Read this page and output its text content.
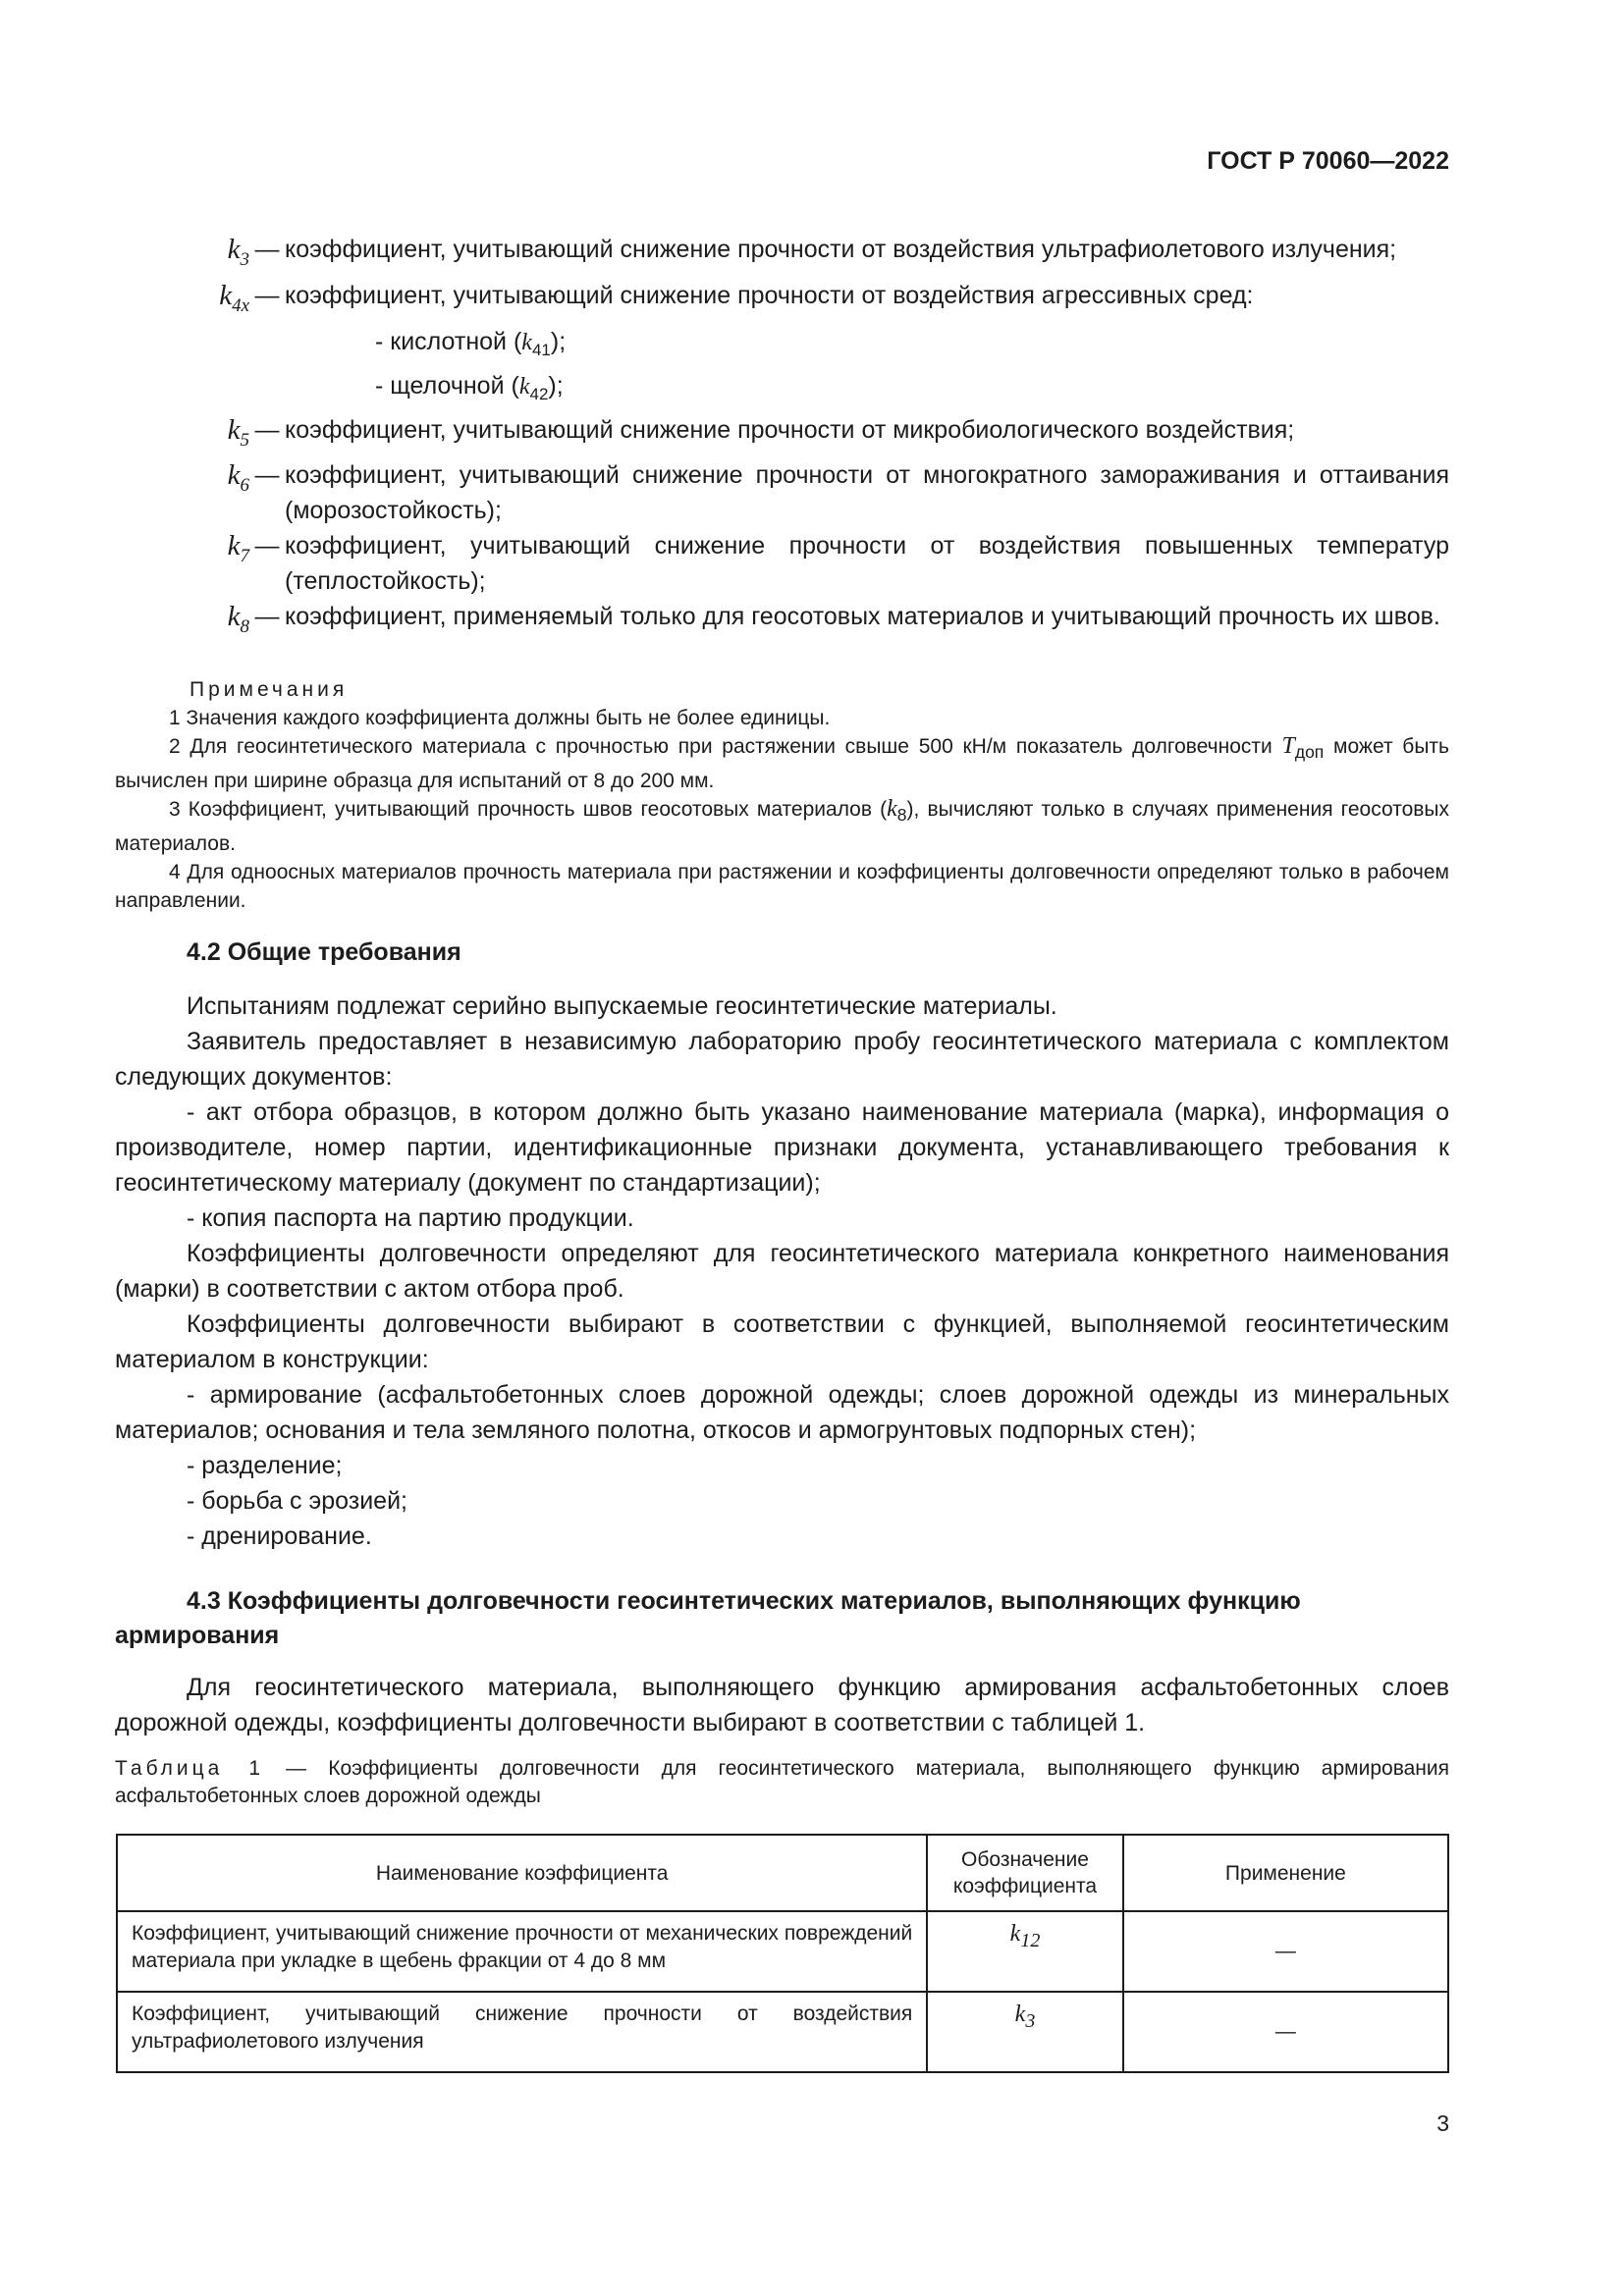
ГОСТ Р 70060—2022
$k_3$ — коэффициент, учитывающий снижение прочности от воздействия ультрафиолетового излучения;
$k_{4x}$ — коэффициент, учитывающий снижение прочности от воздействия агрессивных сред:
- кислотной $(k_{41})$;
- щелочной $(k_{42})$;
$k_5$ — коэффициент, учитывающий снижение прочности от микробиологического воздействия;
$k_6$ — коэффициент, учитывающий снижение прочности от многократного замораживания и оттаивания (морозостойкость);
$k_7$ — коэффициент, учитывающий снижение прочности от воздействия повышенных температур (теплостойкость);
$k_8$ — коэффициент, применяемый только для геосотовых материалов и учитывающий прочность их швов.
Примечания

1 Значения каждого коэффициента должны быть не более единицы.

2 Для геосинтетического материала с прочностью при растяжении свыше 500 кН/м показатель долговечности $T_{доп}$ может быть вычислен при ширине образца для испытаний от 8 до 200 мм.

3 Коэффициент, учитывающий прочность швов геосотовых материалов $(k_8)$, вычисляют только в случаях применения геосотовых материалов.

4 Для одноосных материалов прочность материала при растяжении и коэффициенты долговечности определяют только в рабочем направлении.

4.2 Общие требования

Испытаниям подлежат серийно выпускаемые геосинтетические материалы.

Заявитель предоставляет в независимую лабораторию пробу геосинтетического материала с комплектом следующих документов:

- акт отбора образцов, в котором должно быть указано наименование материала (марка), информация о производителе, номер партии, идентификационные признаки документа, устанавливающего требования к геосинтетическому материалу (документ по стандартизации);

- копия паспорта на партию продукции.

Коэффициенты долговечности определяют для геосинтетического материала конкретного наименования (марки) в соответствии с актом отбора проб.

Коэффициенты долговечности выбирают в соответствии с функцией, выполняемой геосинтетическим материалом в конструкции:

- армирование (асфальтобетонных слоев дорожной одежды; слоев дорожной одежды из минеральных материалов; основания и тела земляного полотна, откосов и армогрунтовых подпорных стен);

- разделение;

- борьба с эрозией;

- дренирование.

4.3 Коэффициенты долговечности геосинтетических материалов, выполняющих функцию армирования

Для геосинтетического материала, выполняющего функцию армирования асфальтобетонных слоев дорожной одежды, коэффициенты долговечности выбирают в соответствии с таблицей 1.

Таблица 1 — Коэффициенты долговечности для геосинтетического материала, выполняющего функцию армирования асфальтобетонных слоев дорожной одежды
Наименование коэффициента	Обозначение коэффициента	Применение
Коэффициент, учитывающий снижение прочности от механических повреждений материала при укладке в щебень фракции от 4 до 8 мм	$k_{12}$	—
Коэффициент, учитывающий снижение прочности от воздействия ультрафиолетового излучения	$k_3$	—
3
